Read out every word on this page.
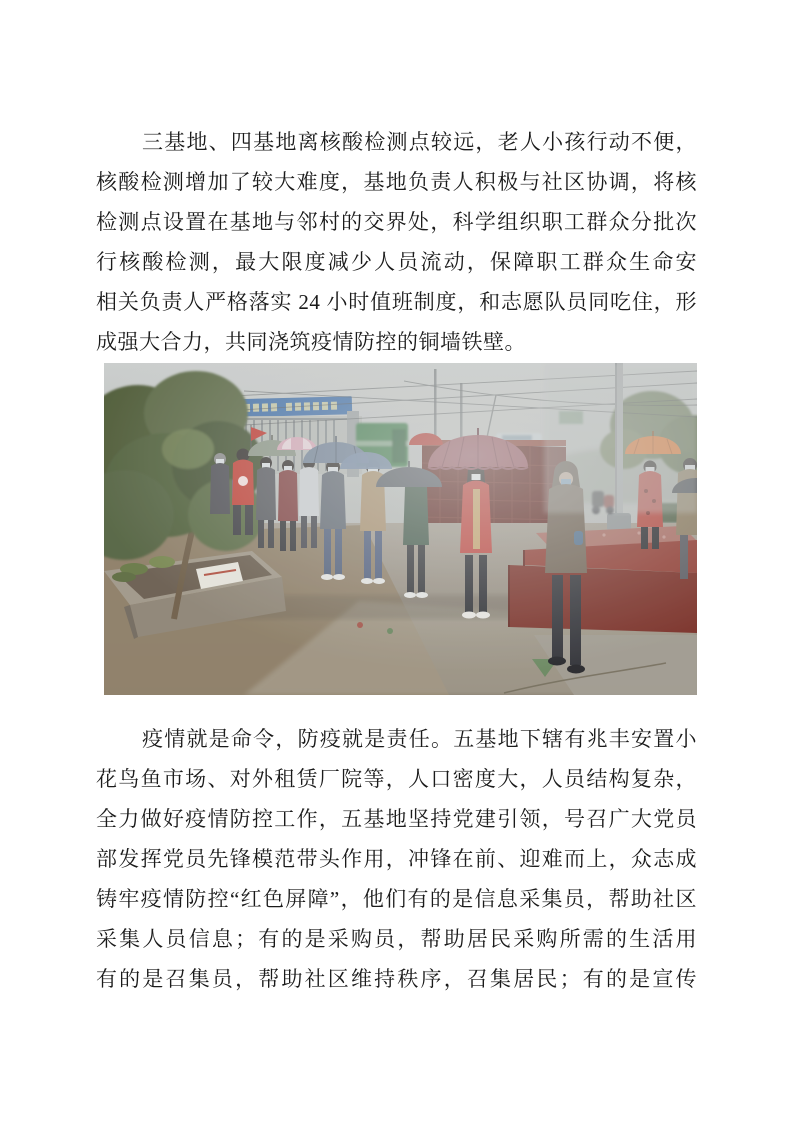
三基地、四基地离核酸检测点较远，老人小孩行动不便，
核酸检测增加了较大难度，基地负责人积极与社区协调，将核
检测点设置在基地与邻村的交界处，科学组织职工群众分批次
行核酸检测，最大限度减少人员流动，保障职工群众生命安
相关负责人严格落实 24 小时值班制度，和志愿队员同吃住，形
成强大合力，共同浇筑疫情防控的铜墙铁壁。
疫情就是命令，防疫就是责任。五基地下辖有兆丰安置小
花鸟鱼市场、对外租赁厂院等，人口密度大，人员结构复杂，
全力做好疫情防控工作，五基地坚持党建引领，号召广大党员
部发挥党员先锋模范带头作用，冲锋在前、迎难而上，众志成
铸牢疫情防控“红色屏障”，他们有的是信息采集员，帮助社区
采集人员信息；有的是采购员，帮助居民采购所需的生活用
有的是召集员，帮助社区维持秩序，召集居民；有的是宣传
